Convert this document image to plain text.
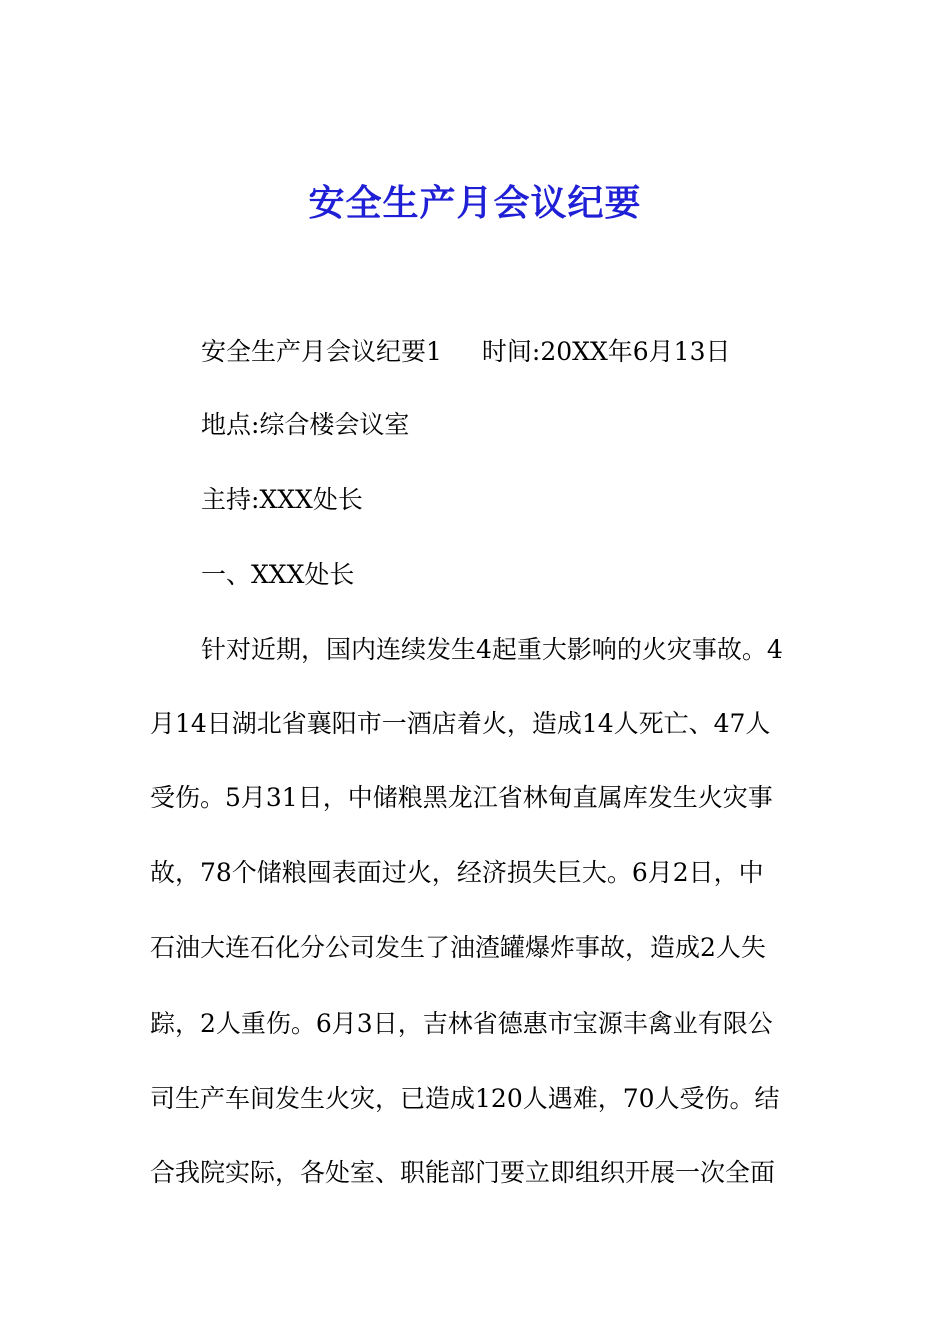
安全生产月会议纪要
安全生产月会议纪要1 时间:20XX年6月13日
地点:综合楼会议室
主持:XXX处长
一、XXX处长
针对近期，国内连续发生4起重大影响的火灾事故。4
月14日湖北省襄阳市一酒店着火，造成14人死亡、47人
受伤。5月31日，中储粮黑龙江省林甸直属库发生火灾事
故，78个储粮囤表面过火，经济损失巨大。6月2日，中
石油大连石化分公司发生了油渣罐爆炸事故，造成2人失
踪，2人重伤。6月3日，吉林省德惠市宝源丰禽业有限公
司生产车间发生火灾，已造成120人遇难，70人受伤。结
合我院实际，各处室、职能部门要立即组织开展一次全面
